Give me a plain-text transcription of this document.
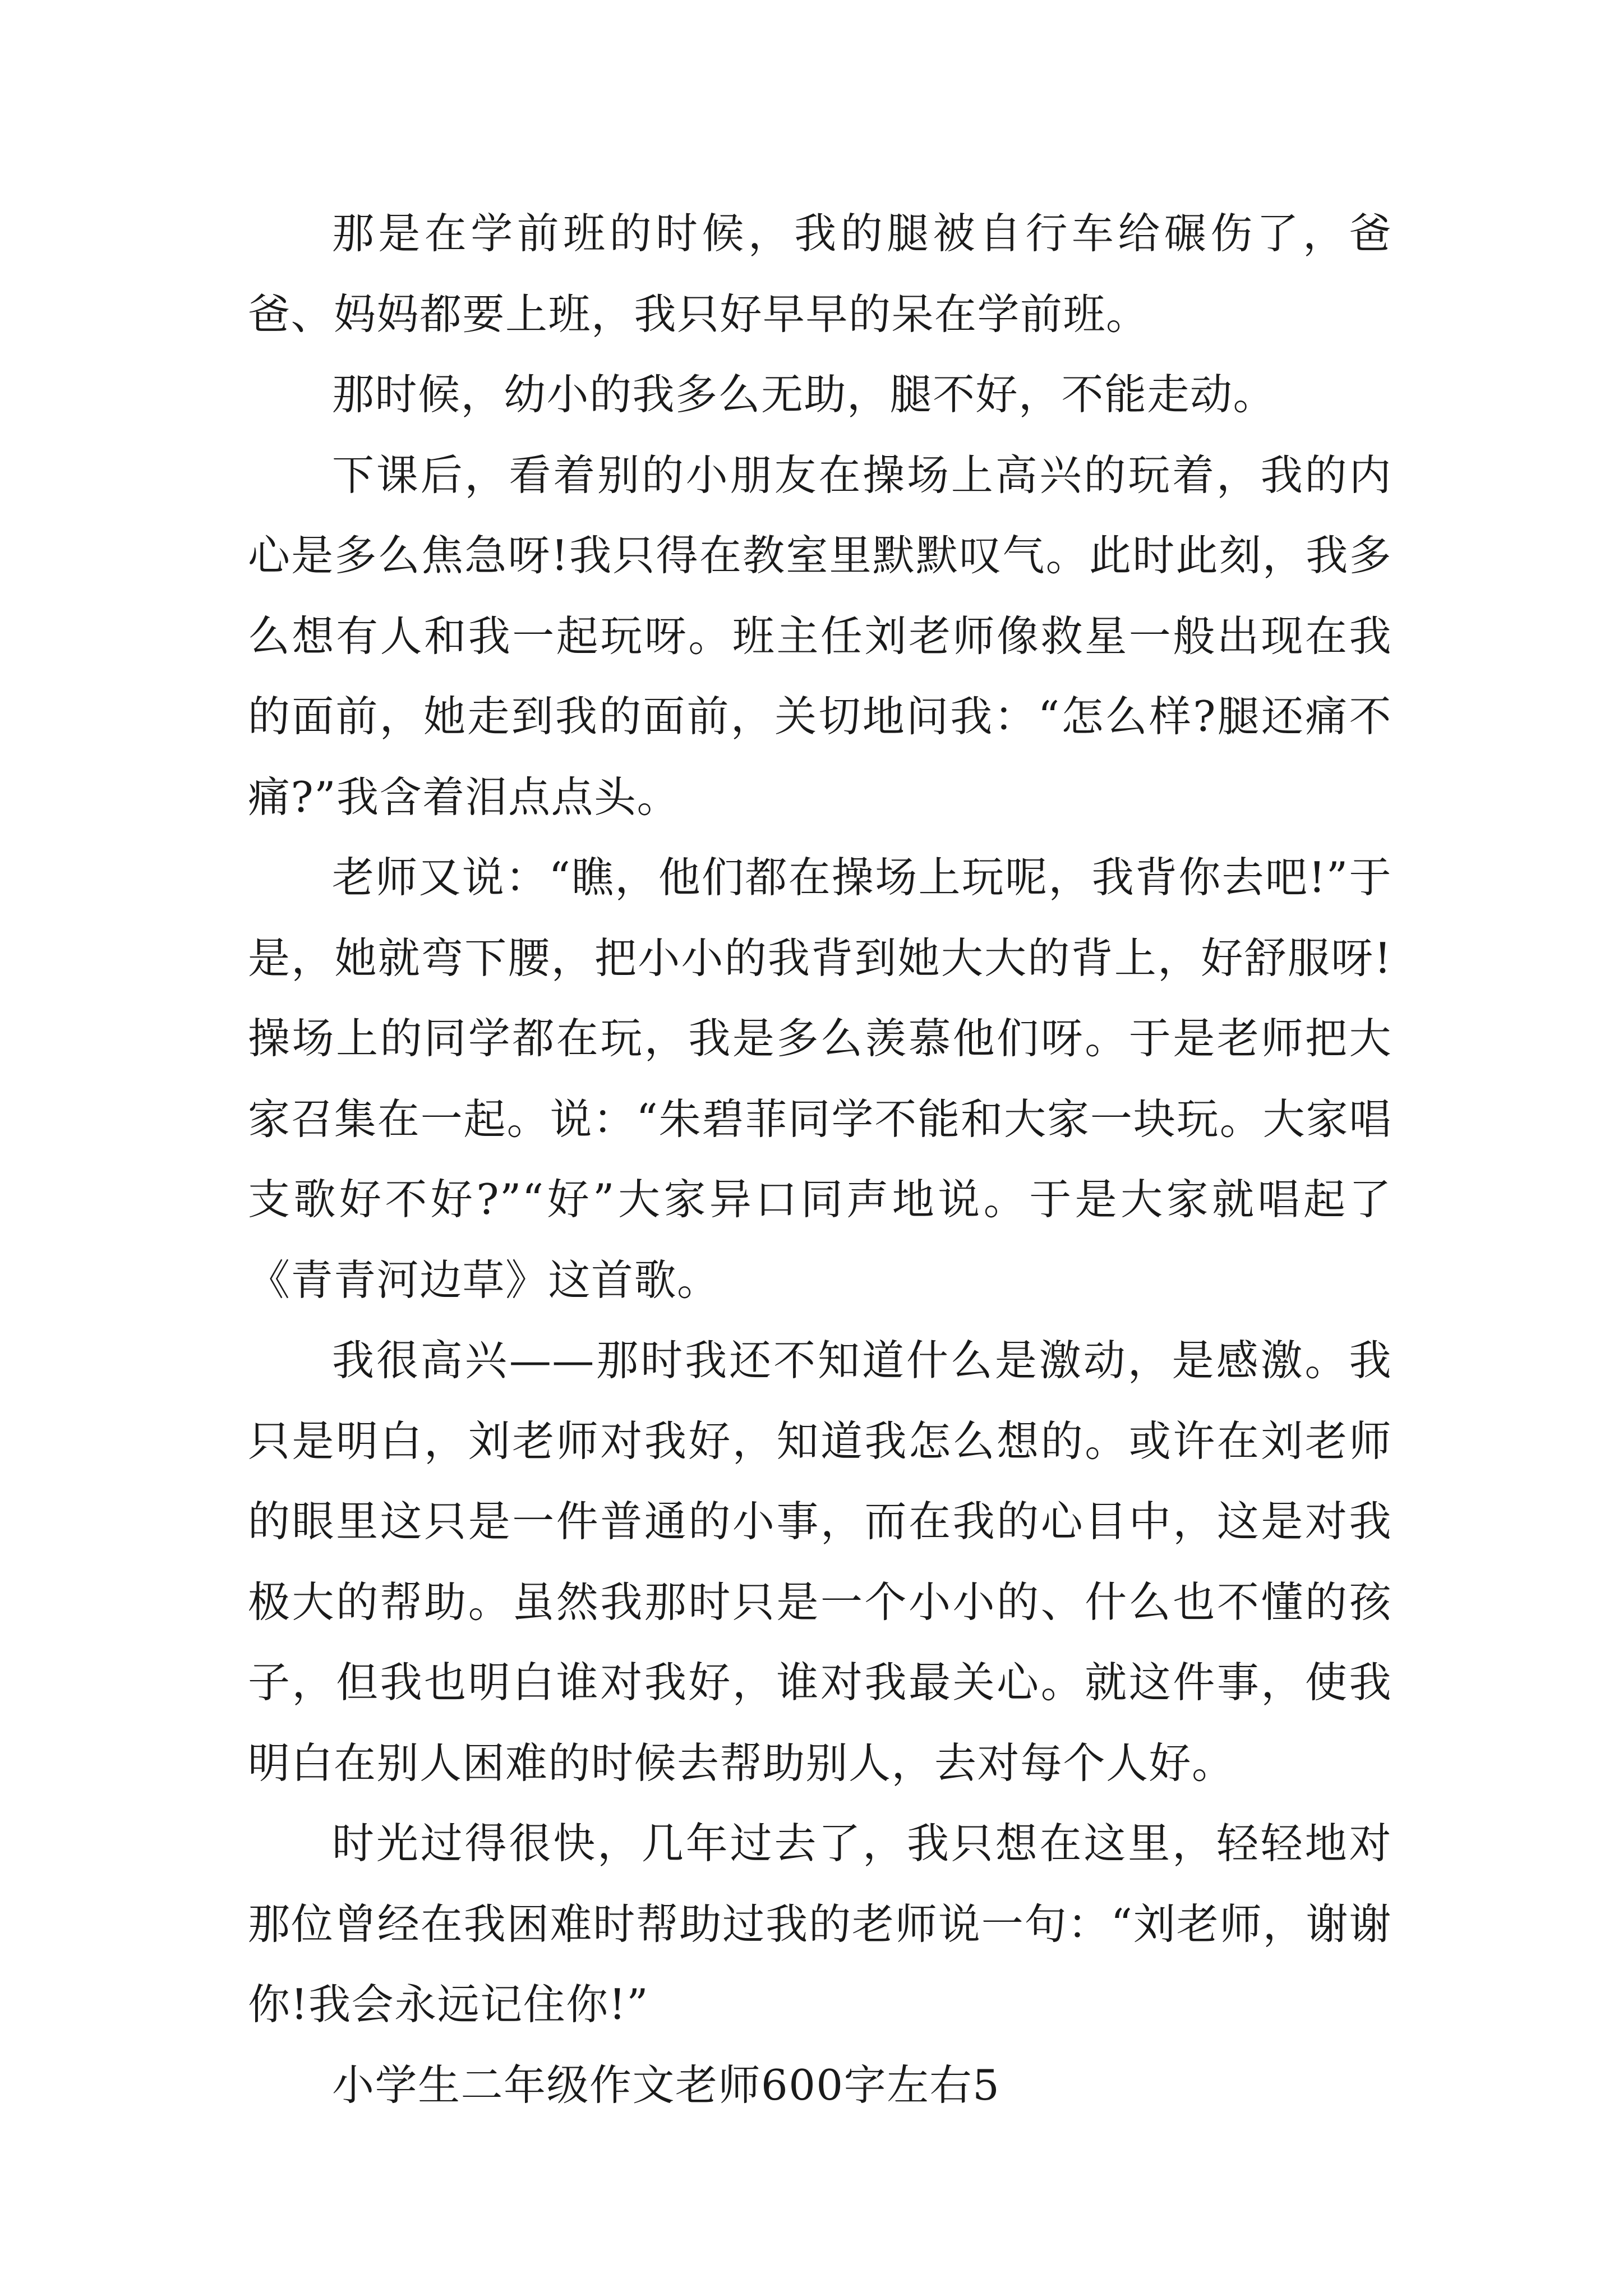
那是在学前班的时候，我的腿被自行车给碾伤了，爸爸、妈妈都要上班，我只好早早的呆在学前班。

那时候，幼小的我多么无助，腿不好，不能走动。

下课后，看着别的小朋友在操场上高兴的玩着，我的内心是多么焦急呀!我只得在教室里默默叹气。此时此刻，我多么想有人和我一起玩呀。班主任刘老师像救星一般出现在我的面前，她走到我的面前，关切地问我：“怎么样?腿还痛不痛?”我含着泪点点头。

老师又说：“瞧，他们都在操场上玩呢，我背你去吧!”于是，她就弯下腰，把小小的我背到她大大的背上，好舒服呀!操场上的同学都在玩，我是多么羡慕他们呀。于是老师把大家召集在一起。说：“朱碧菲同学不能和大家一块玩。大家唱支歌好不好?”“好”大家异口同声地说。于是大家就唱起了《青青河边草》这首歌。

我很高兴——那时我还不知道什么是激动，是感激。我只是明白，刘老师对我好，知道我怎么想的。或许在刘老师的眼里这只是一件普通的小事，而在我的心目中，这是对我极大的帮助。虽然我那时只是一个小小的、什么也不懂的孩子，但我也明白谁对我好，谁对我最关心。就这件事，使我明白在别人困难的时候去帮助别人，去对每个人好。

时光过得很快，几年过去了，我只想在这里，轻轻地对那位曾经在我困难时帮助过我的老师说一句：“刘老师，谢谢你!我会永远记住你!”

小学生二年级作文老师600字左右5
